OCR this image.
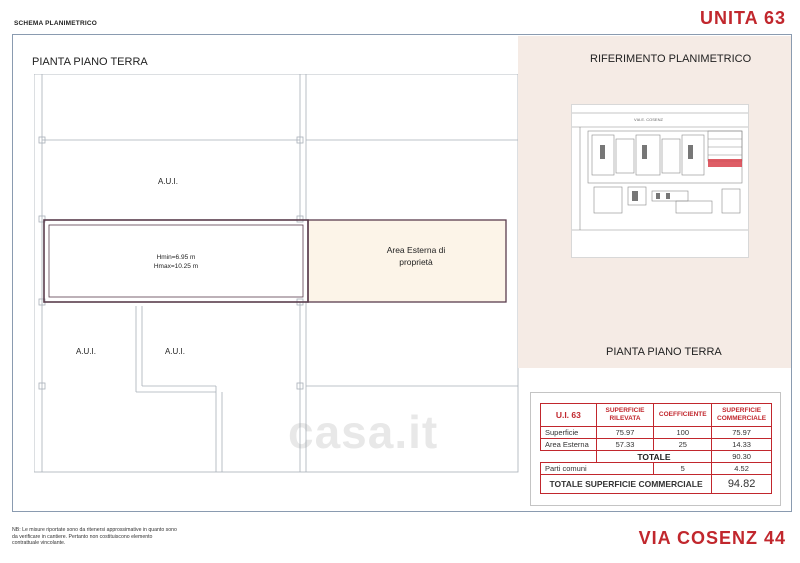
SCHEMA PLANIMETRICO	UNITA 63
PIANTA PIANO TERRA
A.U.I.
Hmin=6.95 m
Hmax=10.25 m
Area Esterna di
proprietà
A.U.I.	A.U.I.
RIFERIMENTO PLANIMETRICO
VIA E. COSENZ
PIANTA PIANO TERRA
U.I. 63	SUPERFICIE RILEVATA	COEFFICIENTE	SUPERFICIE COMMERCIALE
Superficie	75.97	100	75.97
Area Esterna	57.33	25	14.33
	TOTALE		90.30
Parti comuni		5	4.52
TOTALE SUPERFICIE COMMERCIALE			94.82
casa.it
NB: Le misure riportate sono da ritenersi approssimative in quanto sono da verificare in cantiere. Pertanto non costituiscono elemento contrattuale vincolante.	VIA COSENZ 44
